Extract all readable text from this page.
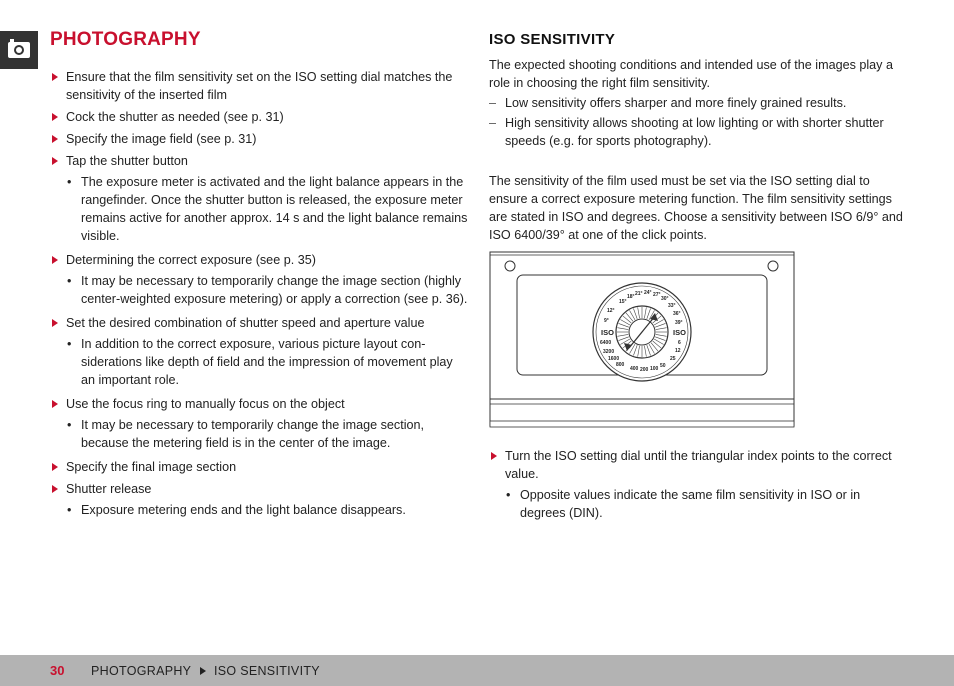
PHOTOGRAPHY
Ensure that the film sensitivity set on the ISO setting dial matches the sensitivity of the inserted film
Cock the shutter as needed (see p. 31)
Specify the image field (see p. 31)
Tap the shutter button
• The exposure meter is activated and the light balance appears in the rangefinder. Once the shutter button is released, the exposure meter remains active for another approx. 14 s and the light balance remains visible.
Determining the correct exposure (see p. 35)
• It may be necessary to temporarily change the image section (highly center-weighted exposure metering) or apply a correction (see p. 36).
Set the desired combination of shutter speed and aperture value
• In addition to the correct exposure, various picture layout considerations like depth of field and the impression of movement play an important role.
Use the focus ring to manually focus on the object
• It may be necessary to temporarily change the image section, because the metering field is in the center of the image.
Specify the final image section
Shutter release
• Exposure metering ends and the light balance disappears.
ISO SENSITIVITY
The expected shooting conditions and intended use of the images play a role in choosing the right film sensitivity.
– Low sensitivity offers sharper and more finely grained results.
– High sensitivity allows shooting at low lighting or with shorter shutter speeds (e.g. for sports photography).
The sensitivity of the film used must be set via the ISO setting dial to ensure a correct exposure metering function. The film sensitivity settings are stated in ISO and degrees. Choose a sensitivity between ISO 6/9° and ISO 6400/39° at one of the click points.
ISO	ISO
15°
18° 21° 24° 27°
30°
33°
36°
39°
6
12
25
400 200 100 50
12°
9°
6400
3200
1600
800
Turn the ISO setting dial until the triangular index points to the correct value.
• Opposite values indicate the same film sensitivity in ISO or in degrees (DIN).
30 PHOTOGRAPHY ISO SENSITIVITY
